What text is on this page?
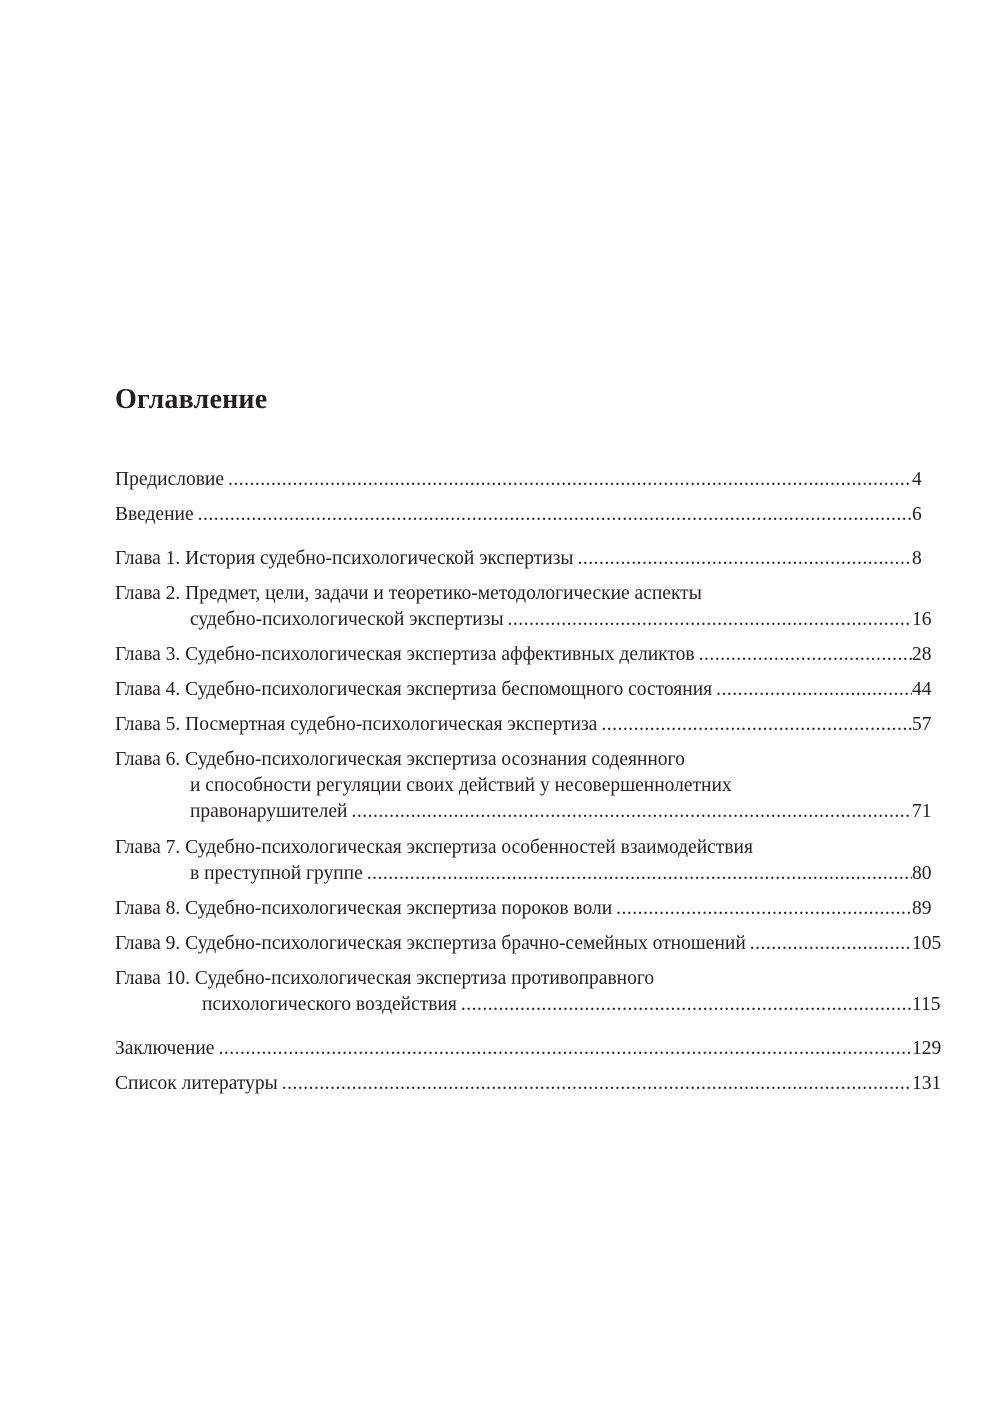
Оглавление
Предисловие .....	4
Введение .....	6
Глава 1. История судебно-психологической экспертизы .....	8
Глава 2. Предмет, цели, задачи и теоретико-методологические аспекты
судебно-психологической экспертизы .....	16
Глава 3. Судебно-психологическая экспертиза аффективных деликтов .....	28
Глава 4. Судебно-психологическая экспертиза беспомощного состояния .....	44
Глава 5. Посмертная судебно-психологическая экспертиза .....	57
Глава 6. Судебно-психологическая экспертиза осознания содеянного
и способности регуляции своих действий у несовершеннолетних
правонарушителей .....	71
Глава 7. Судебно-психологическая экспертиза особенностей взаимодействия
в преступной группе .....	80
Глава 8. Судебно-психологическая экспертиза пороков воли .....	89
Глава 9. Судебно-психологическая экспертиза брачно-семейных отношений .....	105
Глава 10. Судебно-психологическая экспертиза противоправного
психологического воздействия .....	115
Заключение .....	129
Список литературы .....	131
